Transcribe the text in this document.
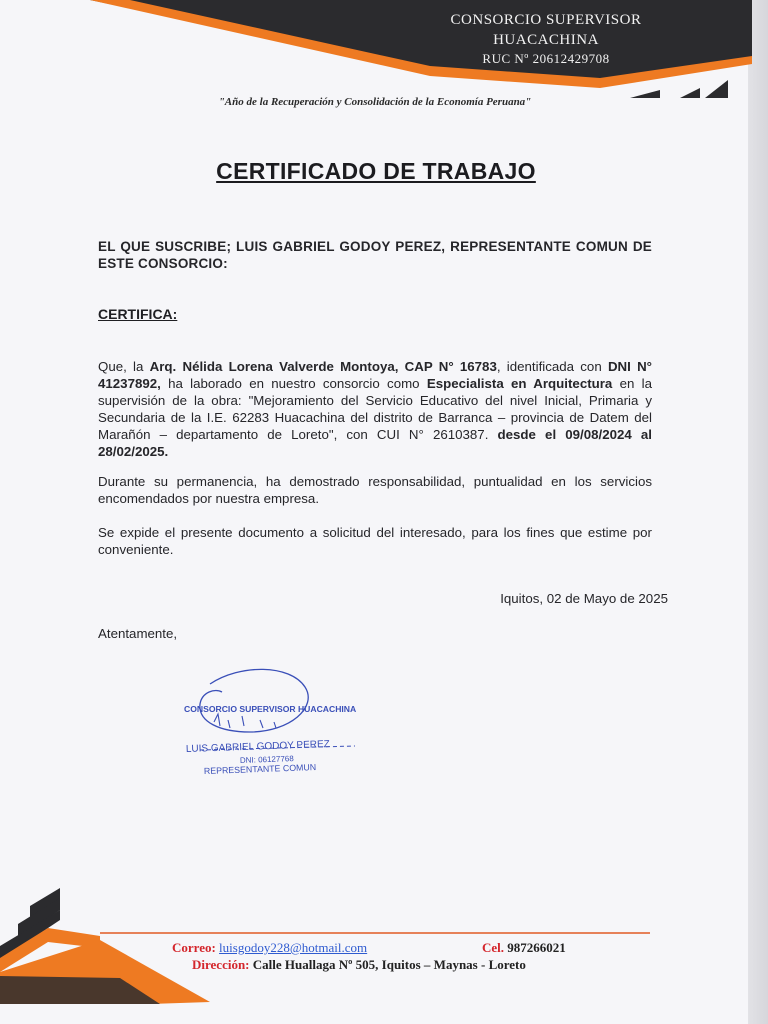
CONSORCIO SUPERVISOR
HUACACHINA
RUC Nº 20612429708
"Año de la Recuperación y Consolidación de la Economía Peruana"
CERTIFICADO DE TRABAJO
EL QUE SUSCRIBE; LUIS GABRIEL GODOY PEREZ, REPRESENTANTE COMUN DE ESTE CONSORCIO:
CERTIFICA:
Que, la Arq. Nélida Lorena Valverde Montoya, CAP N° 16783, identificada con DNI N° 41237892, ha laborado en nuestro consorcio como Especialista en Arquitectura en la supervisión de la obra: "Mejoramiento del Servicio Educativo del nivel Inicial, Primaria y Secundaria de la I.E. 62283 Huacachina del distrito de Barranca – provincia de Datem del Marañón – departamento de Loreto", con CUI N° 2610387. desde el 09/08/2024 al 28/02/2025.
Durante su permanencia, ha demostrado responsabilidad, puntualidad en los servicios encomendados por nuestra empresa.
Se expide el presente documento a solicitud del interesado, para los fines que estime por conveniente.
Iquitos, 02 de Mayo de 2025
Atentamente,
CONSORCIO SUPERVISOR HUACACHINA
LUIS GABRIEL GODOY PEREZ
DNI: 06127768
REPRESENTANTE COMUN
Correo: luisgodoy228@hotmail.com	Cel. 987266021
Dirección: Calle Huallaga Nº 505, Iquitos – Maynas - Loreto
